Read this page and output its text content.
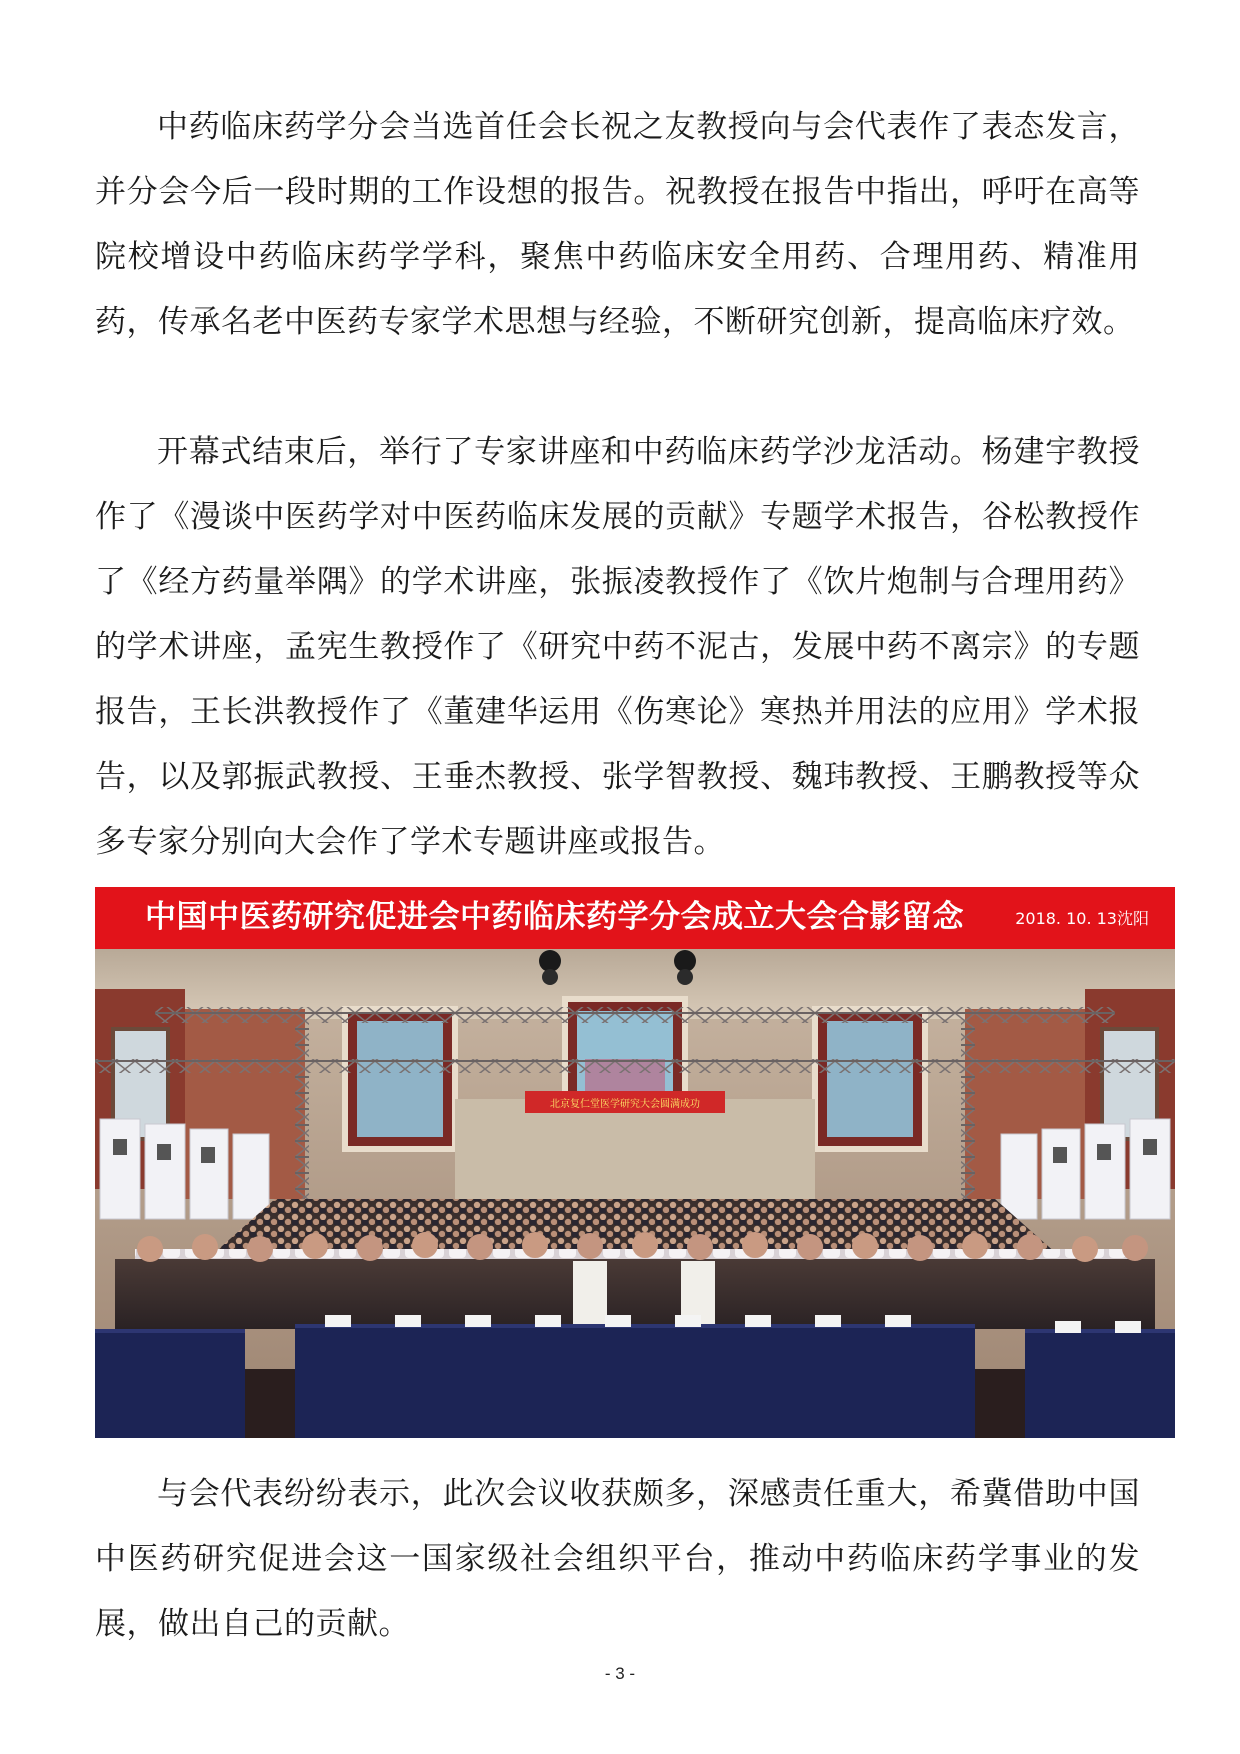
中药临床药学分会当选首任会长祝之友教授向与会代表作了表态发言，并分会今后一段时期的工作设想的报告。祝教授在报告中指出，呼吁在高等院校增设中药临床药学学科，聚焦中药临床安全用药、合理用药、精准用药，传承名老中医药专家学术思想与经验，不断研究创新，提高临床疗效。

开幕式结束后，举行了专家讲座和中药临床药学沙龙活动。杨建宇教授作了《漫谈中医药学对中医药临床发展的贡献》专题学术报告，谷松教授作了《经方药量举隅》的学术讲座，张振凌教授作了《饮片炮制与合理用药》的学术讲座，孟宪生教授作了《研究中药不泥古，发展中药不离宗》的专题报告，王长洪教授作了《董建华运用《伤寒论》寒热并用法的应用》学术报告，以及郭振武教授、王垂杰教授、张学智教授、魏玮教授、王鹏教授等众多专家分别向大会作了学术专题讲座或报告。

中国中医药研究促进会中药临床药学分会成立大会合影留念	2018. 10. 13沈阳
北京复仁堂医学研究大会圆满成功

与会代表纷纷表示，此次会议收获颇多，深感责任重大，希冀借助中国中医药研究促进会这一国家级社会组织平台，推动中药临床药学事业的发展，做出自己的贡献。

- 3 -
